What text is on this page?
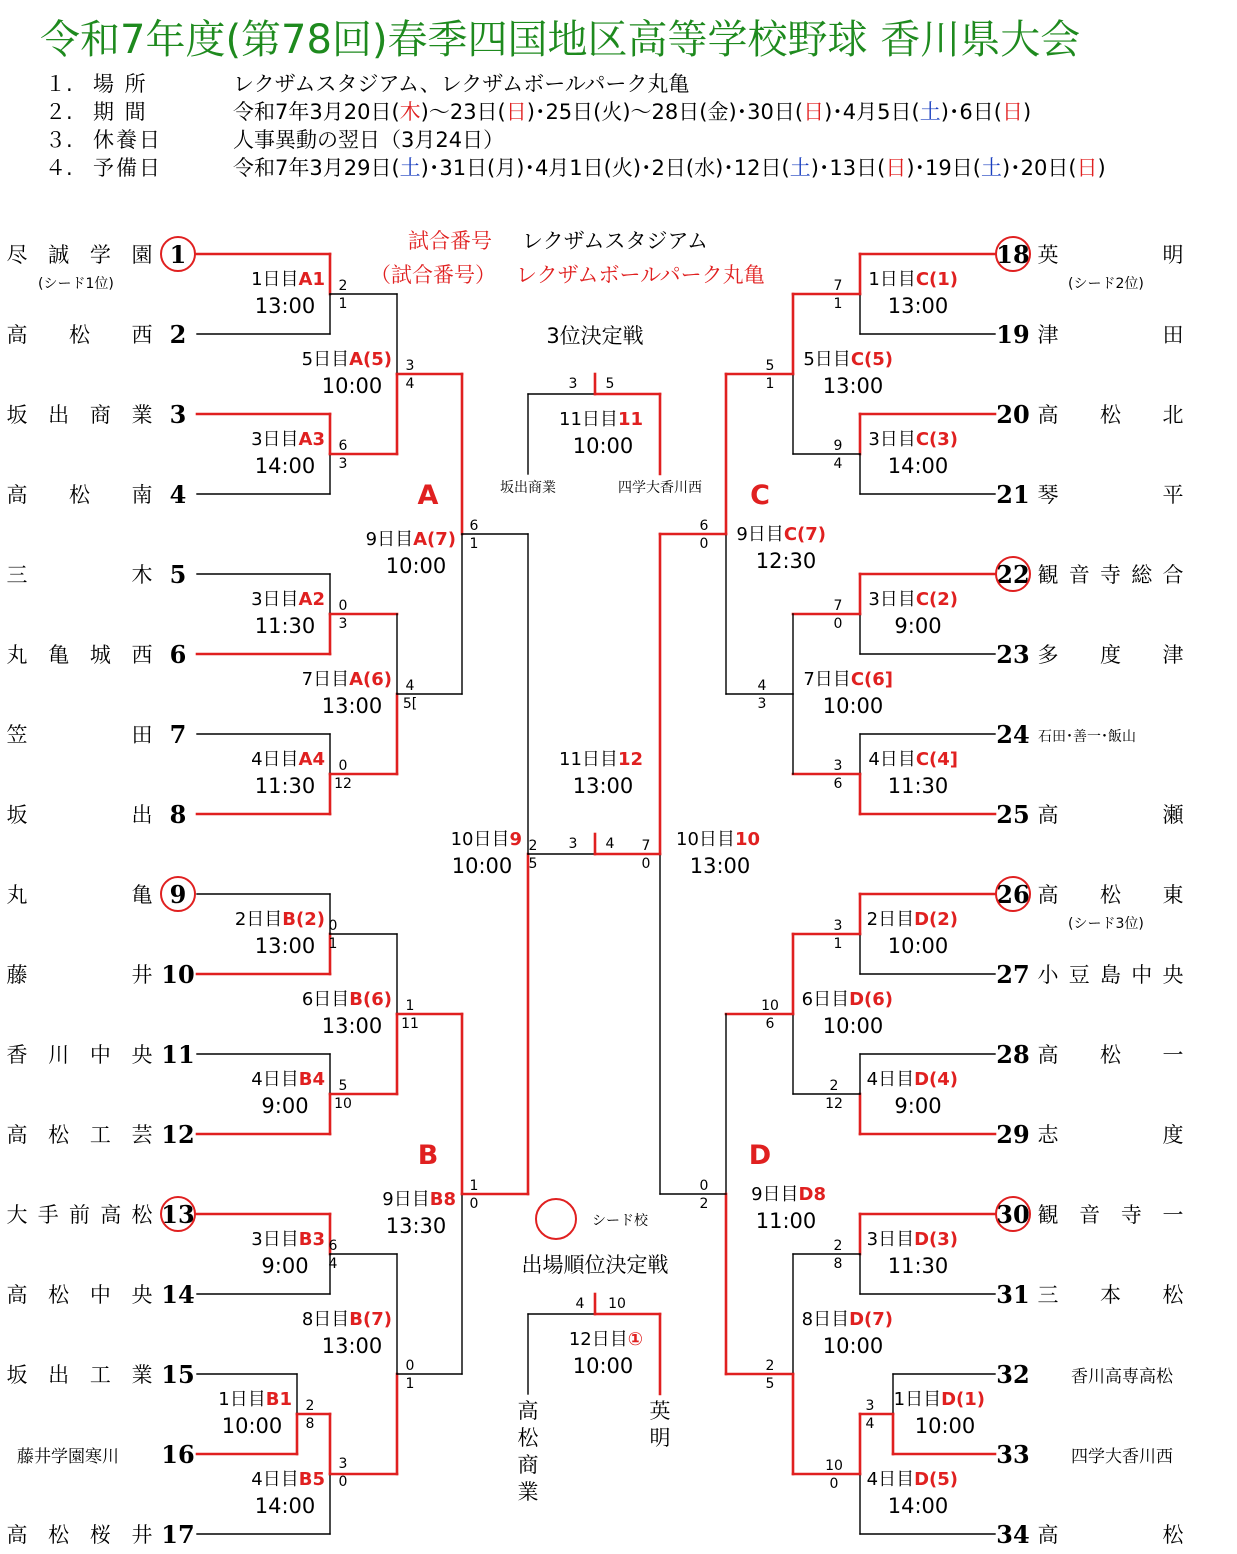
令和7年度(第78回)春季四国地区高等学校野球 香川県大会
１. 場 所	レクザムスタジアム、レクザムボールパーク丸亀
２. 期 間	令和7年3月20日(木)～23日(日)･25日(火)～28日(金)･30日(日)･4月5日(土)･6日(日)
３. 休養日	人事異動の翌日（3月24日）
４. 予備日	令和7年3月29日(土)･31日(月)･4月1日(火)･2日(水)･12日(土)･13日(日)･19日(土)･20日(日)
試合番号 レクザムスタジアム
（試合番号） レクザムボールパーク丸亀
尽誠学園 1
(シード1位)
高松西 2
坂出商業 3
高松南 4
三木 5
丸亀城西 6
笠田 7
坂出 8
丸亀 9
藤井 10
香川中央 11
高松工芸 12
大手前高松 13
高松中央 14
坂出工業 15
藤井学園寒川 16
高松桜井 17
英明
18
(シード2位)
津田
19
高松北
20
琴平
21
観音寺総合
22
多度津
23
石田･善一･飯山
24
高瀬
25
高松東
26
(シード3位)
小豆島中央
27
高松一
28
志度
29
観音寺一
30
三本松
31
香川高専高松
32
四学大香川西
33
高松
34
A
B
C
D
1日目A1
13:00
2
1
3日目A3
14:00
6
3
3日目A2
11:30
0
3
4日目A4
11:30
0
12
5日目A(5)
10:00
3
4
7日目A(6)
13:00
4
5[
9日目A(7)
10:00
6
1
2日目B(2)
13:00
0
1
4日目B4
9:00
5
10
3日目B3
9:00
6
4
1日目B1
10:00
2
8
4日目B5
14:00
3
0
6日目B(6)
13:00
1
11
8日目B(7)
13:00
0
1
9日目B8
13:30
1
0
1日目C(1)
13:00
7
1
3日目C(3)
14:00
9
4
3日目C(2)
9:00
7
0
4日目C(4]
11:30
3
6
5日目C(5)
13:00
5
1
7日目C(6]
10:00
4
3
9日目C(7)
12:30
6
0
2日目D(2)
10:00
3
1
4日目D(4)
9:00
2
12
3日目D(3)
11:30
2
8
1日目D(1)
10:00
3
4
4日目D(5)
14:00
10
0
6日目D(6)
10:00
10
6
8日目D(7)
10:00
2
5
9日目D8
11:00
0
2
10日目9
10:00
2
5
10日目10
13:00
7
0
11日目12
13:00
3 4
11日目11
10:00
3 5
12日目①
10:00
4 10
3位決定戦
坂出商業	四学大香川西
出場順位決定戦
高
松
商
業
英
明
シード校
